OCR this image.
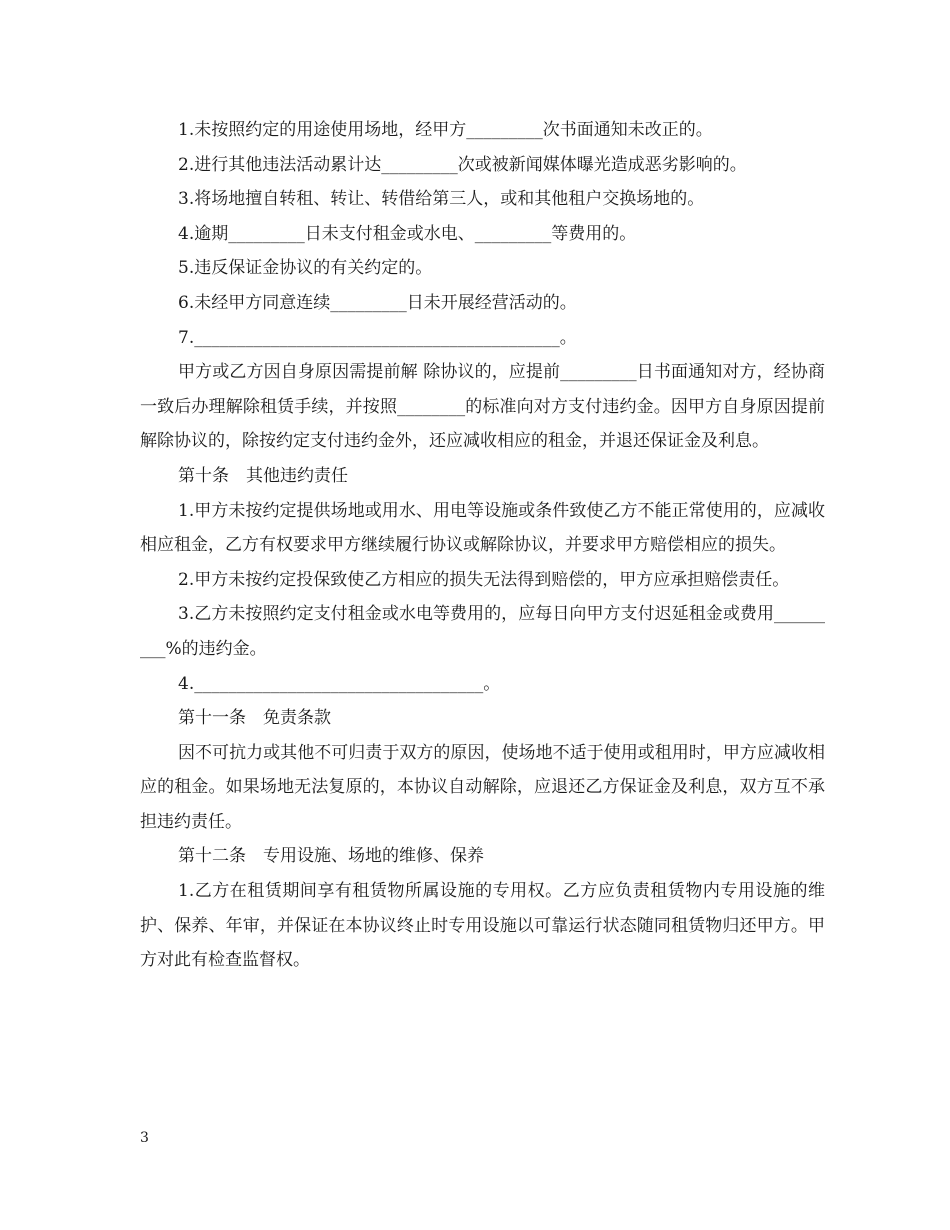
1.未按照约定的用途使用场地，经甲方_________次书面通知未改正的。

2.进行其他违法活动累计达_________次或被新闻媒体曝光造成恶劣影响的。

3.将场地擅自转租、转让、转借给第三人，或和其他租户交换场地的。

4.逾期_________日未支付租金或水电、_________等费用的。

5.违反保证金协议的有关约定的。

6.未经甲方同意连续_________日未开展经营活动的。

7.___________________________________________。

甲方或乙方因自身原因需提前解 除协议的，应提前_________日书面通知对方，经协商一致后办理解除租赁手续，并按照________的标准向对方支付违约金。因甲方自身原因提前解除协议的，除按约定支付违约金外，还应减收相应的租金，并退还保证金及利息。

第十条　其他违约责任

1.甲方未按约定提供场地或用水、用电等设施或条件致使乙方不能正常使用的，应减收相应租金，乙方有权要求甲方继续履行协议或解除协议，并要求甲方赔偿相应的损失。

2.甲方未按约定投保致使乙方相应的损失无法得到赔偿的，甲方应承担赔偿责任。

3.乙方未按照约定支付租金或水电等费用的，应每日向甲方支付迟延租金或费用_________%的违约金。

4.__________________________________。

第十一条　免责条款

因不可抗力或其他不可归责于双方的原因，使场地不适于使用或租用时，甲方应减收相应的租金。如果场地无法复原的，本协议自动解除，应退还乙方保证金及利息，双方互不承担违约责任。

第十二条　专用设施、场地的维修、保养

1.乙方在租赁期间享有租赁物所属设施的专用权。乙方应负责租赁物内专用设施的维护、保养、年审，并保证在本协议终止时专用设施以可靠运行状态随同租赁物归还甲方。甲方对此有检查监督权。

3
